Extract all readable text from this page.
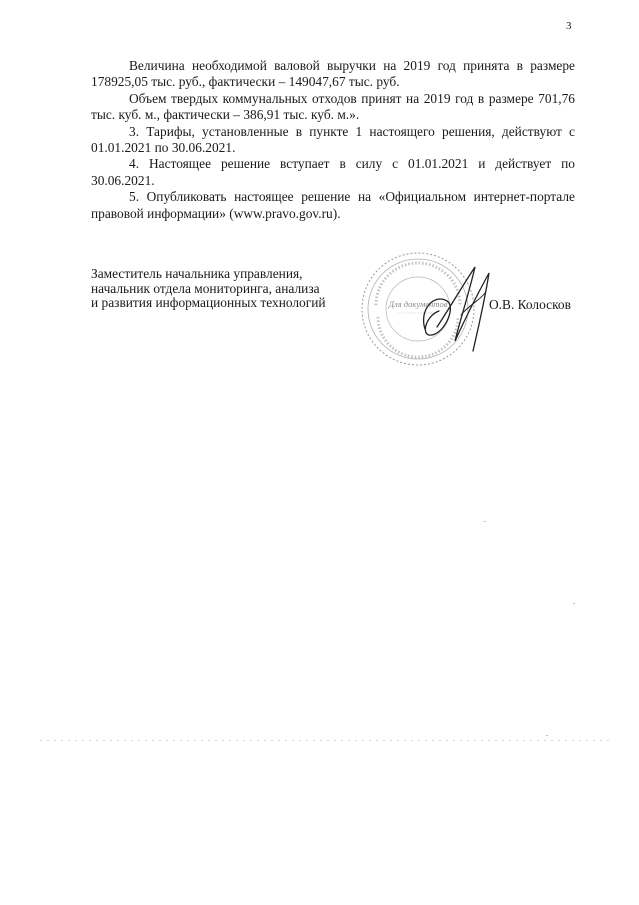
3

Величина необходимой валовой выручки на 2019 год принята в размере 178925,05 тыс. руб., фактически – 149047,67 тыс. руб.

Объем твердых коммунальных отходов принят на 2019 год в размере 701,76 тыс. куб. м., фактически – 386,91 тыс. куб. м.».

3. Тарифы, установленные в пункте 1 настоящего решения, действуют с 01.01.2021 по 30.06.2021.

4. Настоящее решение вступает в силу с 01.01.2021 и действует по 30.06.2021.

5. Опубликовать настоящее решение на «Официальном интернет-портале правовой информации» (www.pravo.gov.ru).

Заместитель начальника управления,
начальник отдела мониторинга, анализа
и развития информационных технологий	Для документов	О.В. Колосков
